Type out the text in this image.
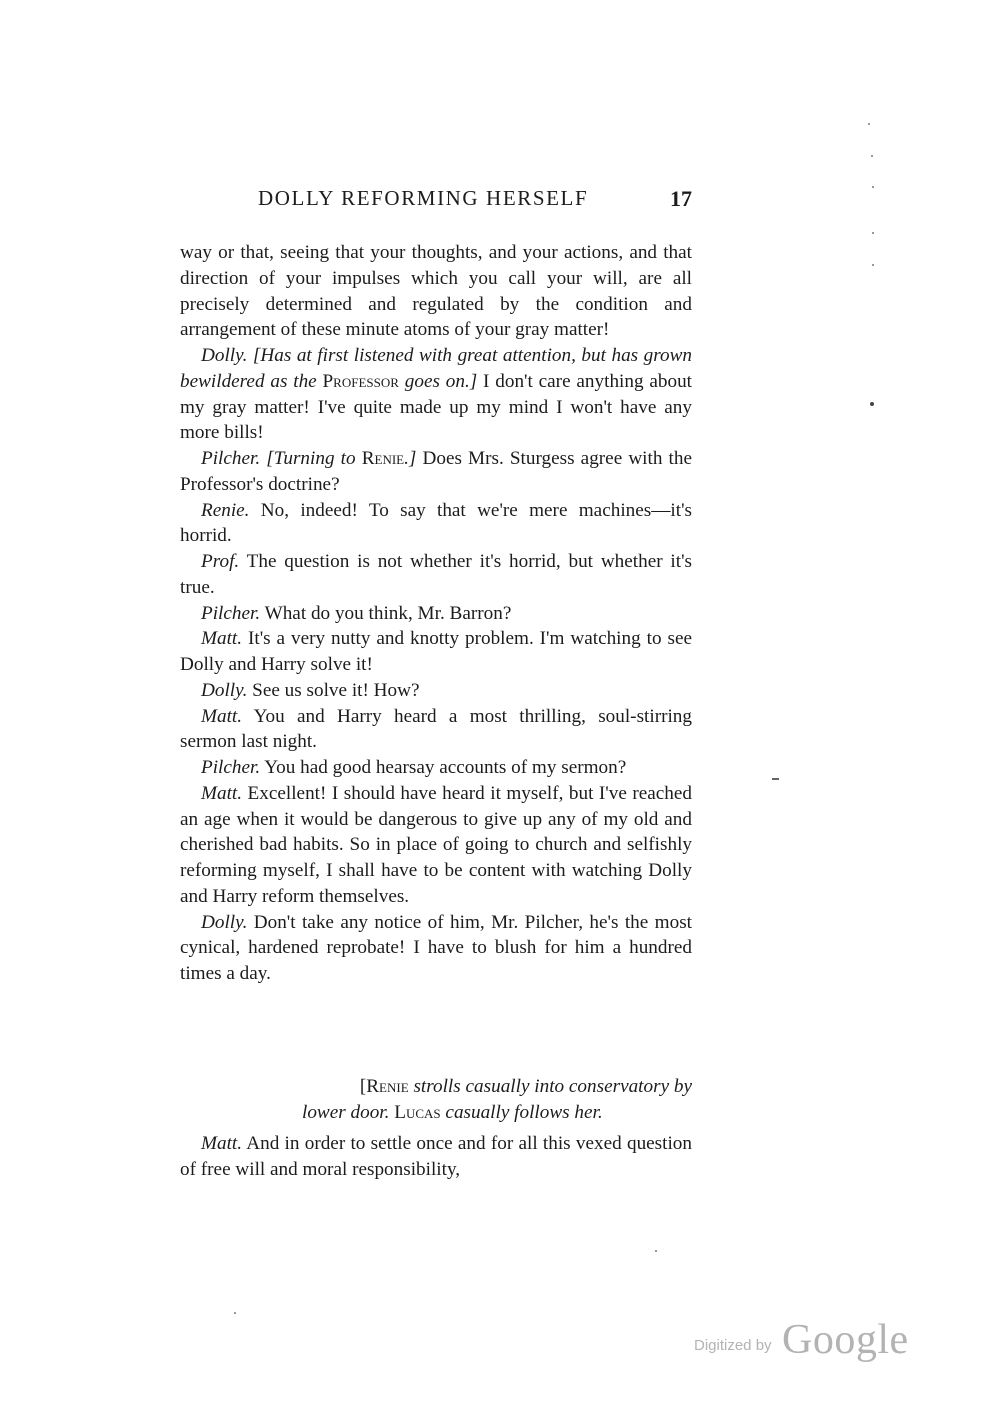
DOLLY REFORMING HERSELF	17

way or that, seeing that your thoughts, and your actions, and that direction of your impulses which you call your will, are all precisely determined and regulated by the condition and arrangement of these minute atoms of your gray matter!

Dolly. [Has at first listened with great attention, but has grown bewildered as the Professor goes on.] I don't care anything about my gray matter! I've quite made up my mind I won't have any more bills!

Pilcher. [Turning to Renie.] Does Mrs. Sturgess agree with the Professor's doctrine?

Renie. No, indeed! To say that we're mere machines—it's horrid.

Prof. The question is not whether it's horrid, but whether it's true.

Pilcher. What do you think, Mr. Barron?

Matt. It's a very nutty and knotty problem. I'm watching to see Dolly and Harry solve it!

Dolly. See us solve it! How?

Matt. You and Harry heard a most thrilling, soul-stirring sermon last night.

Pilcher. You had good hearsay accounts of my sermon?

Matt. Excellent! I should have heard it myself, but I've reached an age when it would be dangerous to give up any of my old and cherished bad habits. So in place of going to church and selfishly reforming myself, I shall have to be content with watching Dolly and Harry reform themselves.

Dolly. Don't take any notice of him, Mr. Pilcher, he's the most cynical, hardened reprobate! I have to blush for him a hundred times a day.

[Renie strolls casually into conservatory by
lower door. Lucas casually follows her.

Matt. And in order to settle once and for all this vexed question of free will and moral responsibility,

Digitized by Google
